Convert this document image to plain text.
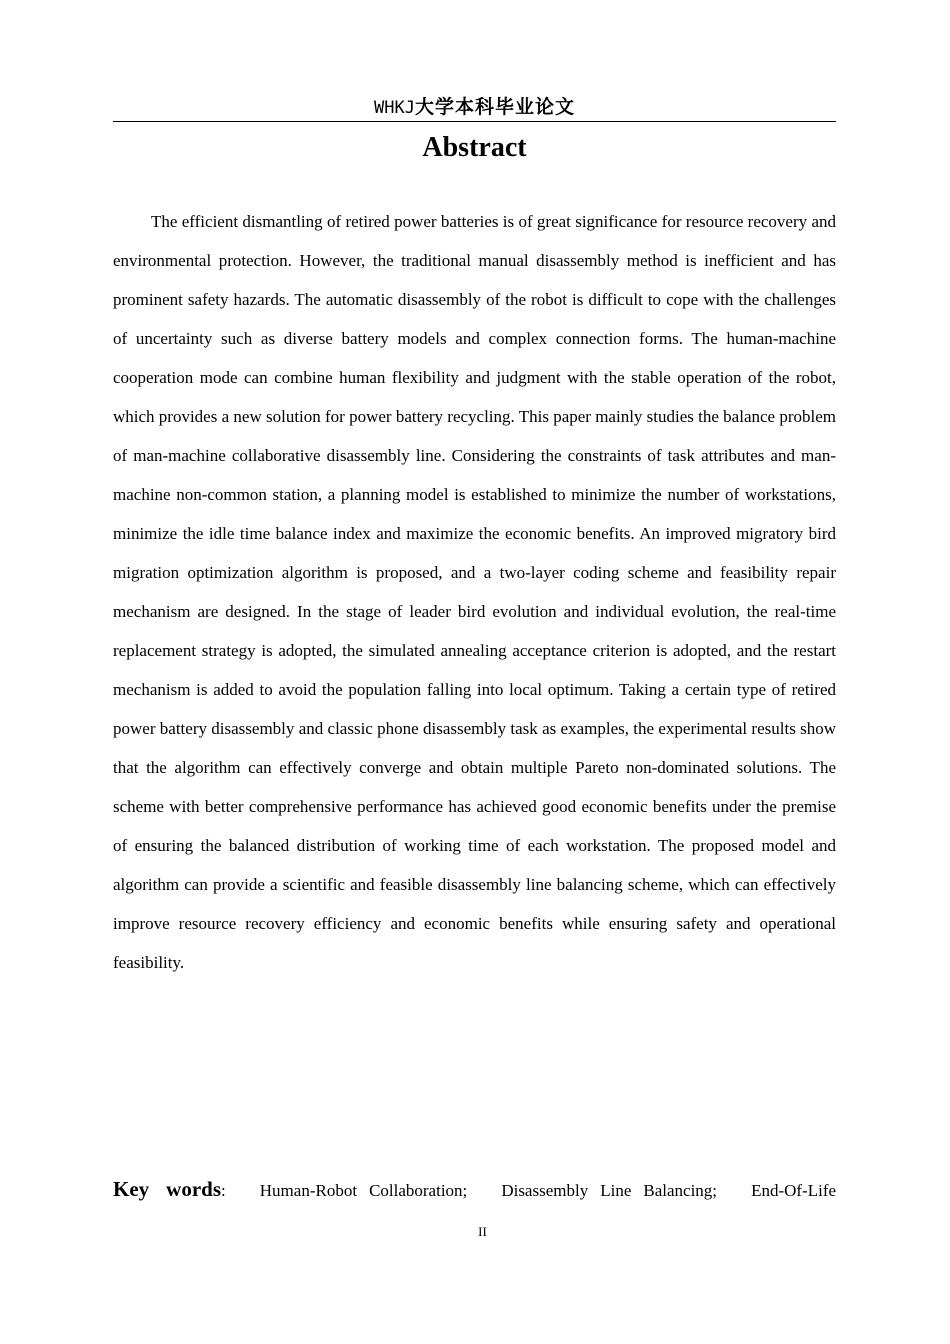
WHKJ大学本科毕业论文
Abstract

The efficient dismantling of retired power batteries is of great significance for resource recovery and environmental protection. However, the traditional manual disassembly method is inefficient and has prominent safety hazards. The automatic disassembly of the robot is difficult to cope with the challenges of uncertainty such as diverse battery models and complex connection forms. The human-machine cooperation mode can combine human flexibility and judgment with the stable operation of the robot, which provides a new solution for power battery recycling. This paper mainly studies the balance problem of man-machine collaborative disassembly line. Considering the constraints of task attributes and man-machine non-common station, a planning model is established to minimize the number of workstations, minimize the idle time balance index and maximize the economic benefits. An improved migratory bird migration optimization algorithm is proposed, and a two-layer coding scheme and feasibility repair mechanism are designed. In the stage of leader bird evolution and individual evolution, the real-time replacement strategy is adopted, the simulated annealing acceptance criterion is adopted, and the restart mechanism is added to avoid the population falling into local optimum. Taking a certain type of retired power battery disassembly and classic phone disassembly task as examples, the experimental results show that the algorithm can effectively converge and obtain multiple Pareto non-dominated solutions. The scheme with better comprehensive performance has achieved good economic benefits under the premise of ensuring the balanced distribution of working time of each workstation. The proposed model and algorithm can provide a scientific and feasible disassembly line balancing scheme, which can effectively improve resource recovery efficiency and economic benefits while ensuring safety and operational feasibility.

Key words: Human-Robot Collaboration; Disassembly Line Balancing; End-Of-Life

II
